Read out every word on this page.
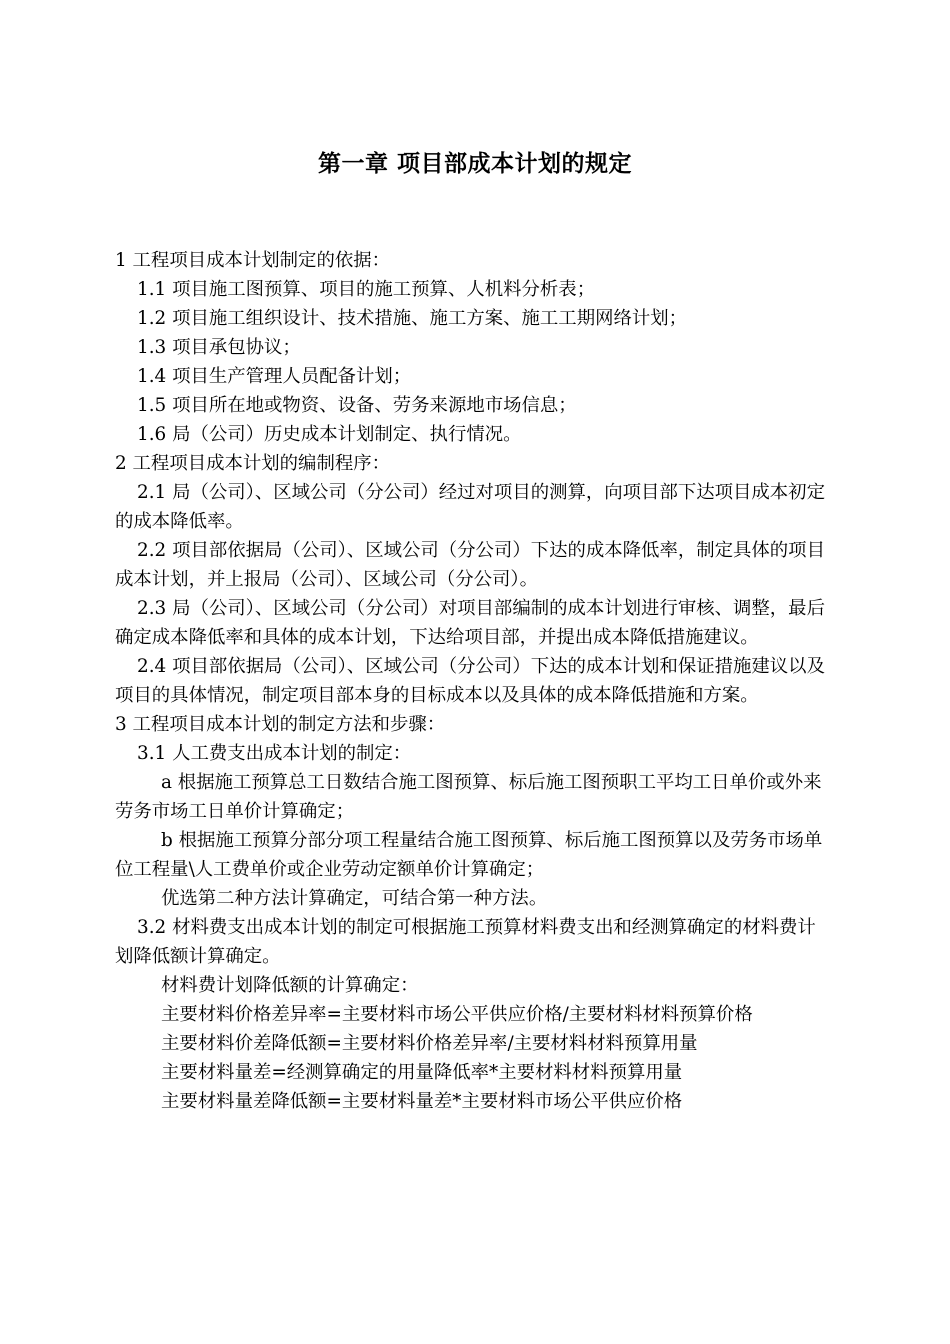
第一章 项目部成本计划的规定

1 工程项目成本计划制定的依据：

1.1 项目施工图预算、项目的施工预算、人机料分析表；

1.2 项目施工组织设计、技术措施、施工方案、施工工期网络计划；

1.3 项目承包协议；

1.4 项目生产管理人员配备计划；

1.5 项目所在地或物资、设备、劳务来源地市场信息；

1.6 局（公司）历史成本计划制定、执行情况。

2 工程项目成本计划的编制程序：

2.1 局（公司）、区域公司（分公司）经过对项目的测算，向项目部下达项目成本初定的成本降低率。

2.2 项目部依据局（公司）、区域公司（分公司）下达的成本降低率，制定具体的项目成本计划，并上报局（公司）、区域公司（分公司）。

2.3 局（公司）、区域公司（分公司）对项目部编制的成本计划进行审核、调整，最后确定成本降低率和具体的成本计划，下达给项目部，并提出成本降低措施建议。

2.4 项目部依据局（公司）、区域公司（分公司）下达的成本计划和保证措施建议以及项目的具体情况，制定项目部本身的目标成本以及具体的成本降低措施和方案。

3 工程项目成本计划的制定方法和步骤：

3.1 人工费支出成本计划的制定：

a 根据施工预算总工日数结合施工图预算、标后施工图预职工平均工日单价或外来劳务市场工日单价计算确定；

b 根据施工预算分部分项工程量结合施工图预算、标后施工图预算以及劳务市场单位工程量\人工费单价或企业劳动定额单价计算确定；

优选第二种方法计算确定，可结合第一种方法。

3.2 材料费支出成本计划的制定可根据施工预算材料费支出和经测算确定的材料费计划降低额计算确定。

材料费计划降低额的计算确定：

主要材料价格差异率=主要材料市场公平供应价格/主要材料材料预算价格

主要材料价差降低额=主要材料价格差异率/主要材料材料预算用量

主要材料量差=经测算确定的用量降低率*主要材料材料预算用量

主要材料量差降低额=主要材料量差*主要材料市场公平供应价格
